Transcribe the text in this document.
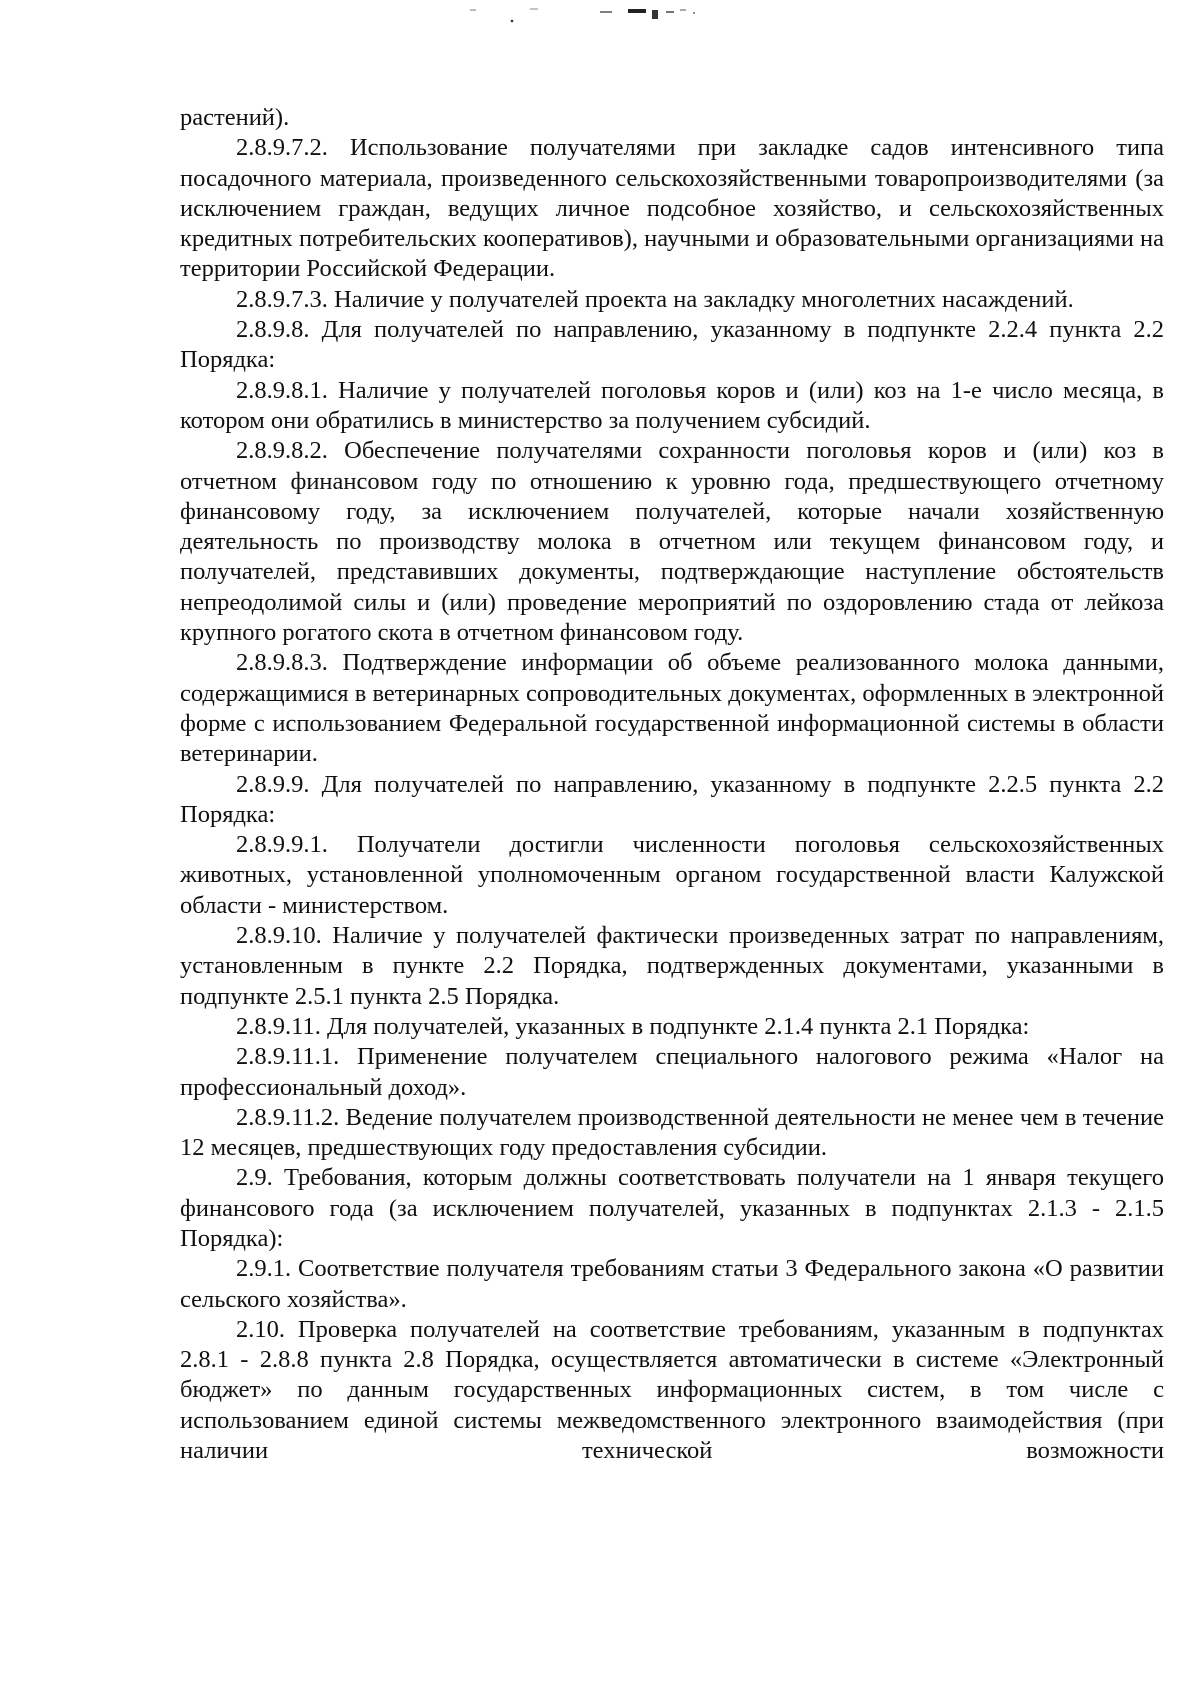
растений).

2.8.9.7.2. Использование получателями при закладке садов интенсивного типа посадочного материала, произведенного сельскохозяйственными товаропроизводителями (за исключением граждан, ведущих личное подсобное хозяйство, и сельскохозяйственных кредитных потребительских кооперативов), научными и образовательными организациями на территории Российской Федерации.

2.8.9.7.3. Наличие у получателей проекта на закладку многолетних насаждений.

2.8.9.8. Для получателей по направлению, указанному в подпункте 2.2.4 пункта 2.2 Порядка:

2.8.9.8.1. Наличие у получателей поголовья коров и (или) коз на 1-е число месяца, в котором они обратились в министерство за получением субсидий.

2.8.9.8.2. Обеспечение получателями сохранности поголовья коров и (или) коз в отчетном финансовом году по отношению к уровню года, предшествующего отчетному финансовому году, за исключением получателей, которые начали хозяйственную деятельность по производству молока в отчетном или текущем финансовом году, и получателей, представивших документы, подтверждающие наступление обстоятельств непреодолимой силы и (или) проведение мероприятий по оздоровлению стада от лейкоза крупного рогатого скота в отчетном финансовом году.

2.8.9.8.3. Подтверждение информации об объеме реализованного молока данными, содержащимися в ветеринарных сопроводительных документах, оформленных в электронной форме с использованием Федеральной государственной информационной системы в области ветеринарии.

2.8.9.9. Для получателей по направлению, указанному в подпункте 2.2.5 пункта 2.2 Порядка:

2.8.9.9.1. Получатели достигли численности поголовья сельскохозяйственных животных, установленной уполномоченным органом государственной власти Калужской области - министерством.

2.8.9.10. Наличие у получателей фактически произведенных затрат по направлениям, установленным в пункте 2.2 Порядка, подтвержденных документами, указанными в подпункте 2.5.1 пункта 2.5 Порядка.

2.8.9.11. Для получателей, указанных в подпункте 2.1.4 пункта 2.1 Порядка:

2.8.9.11.1. Применение получателем специального налогового режима «Налог на профессиональный доход».

2.8.9.11.2. Ведение получателем производственной деятельности не менее чем в течение 12 месяцев, предшествующих году предоставления субсидии.

2.9. Требования, которым должны соответствовать получатели на 1 января текущего финансового года (за исключением получателей, указанных в подпунктах 2.1.3 - 2.1.5 Порядка):

2.9.1. Соответствие получателя требованиям статьи 3 Федерального закона «О развитии сельского хозяйства».

2.10. Проверка получателей на соответствие требованиям, указанным в подпунктах 2.8.1 - 2.8.8 пункта 2.8 Порядка, осуществляется автоматически в системе «Электронный бюджет» по данным государственных информационных систем, в том числе с использованием единой системы межведомственного электронного взаимодействия (при наличии технической возможности
